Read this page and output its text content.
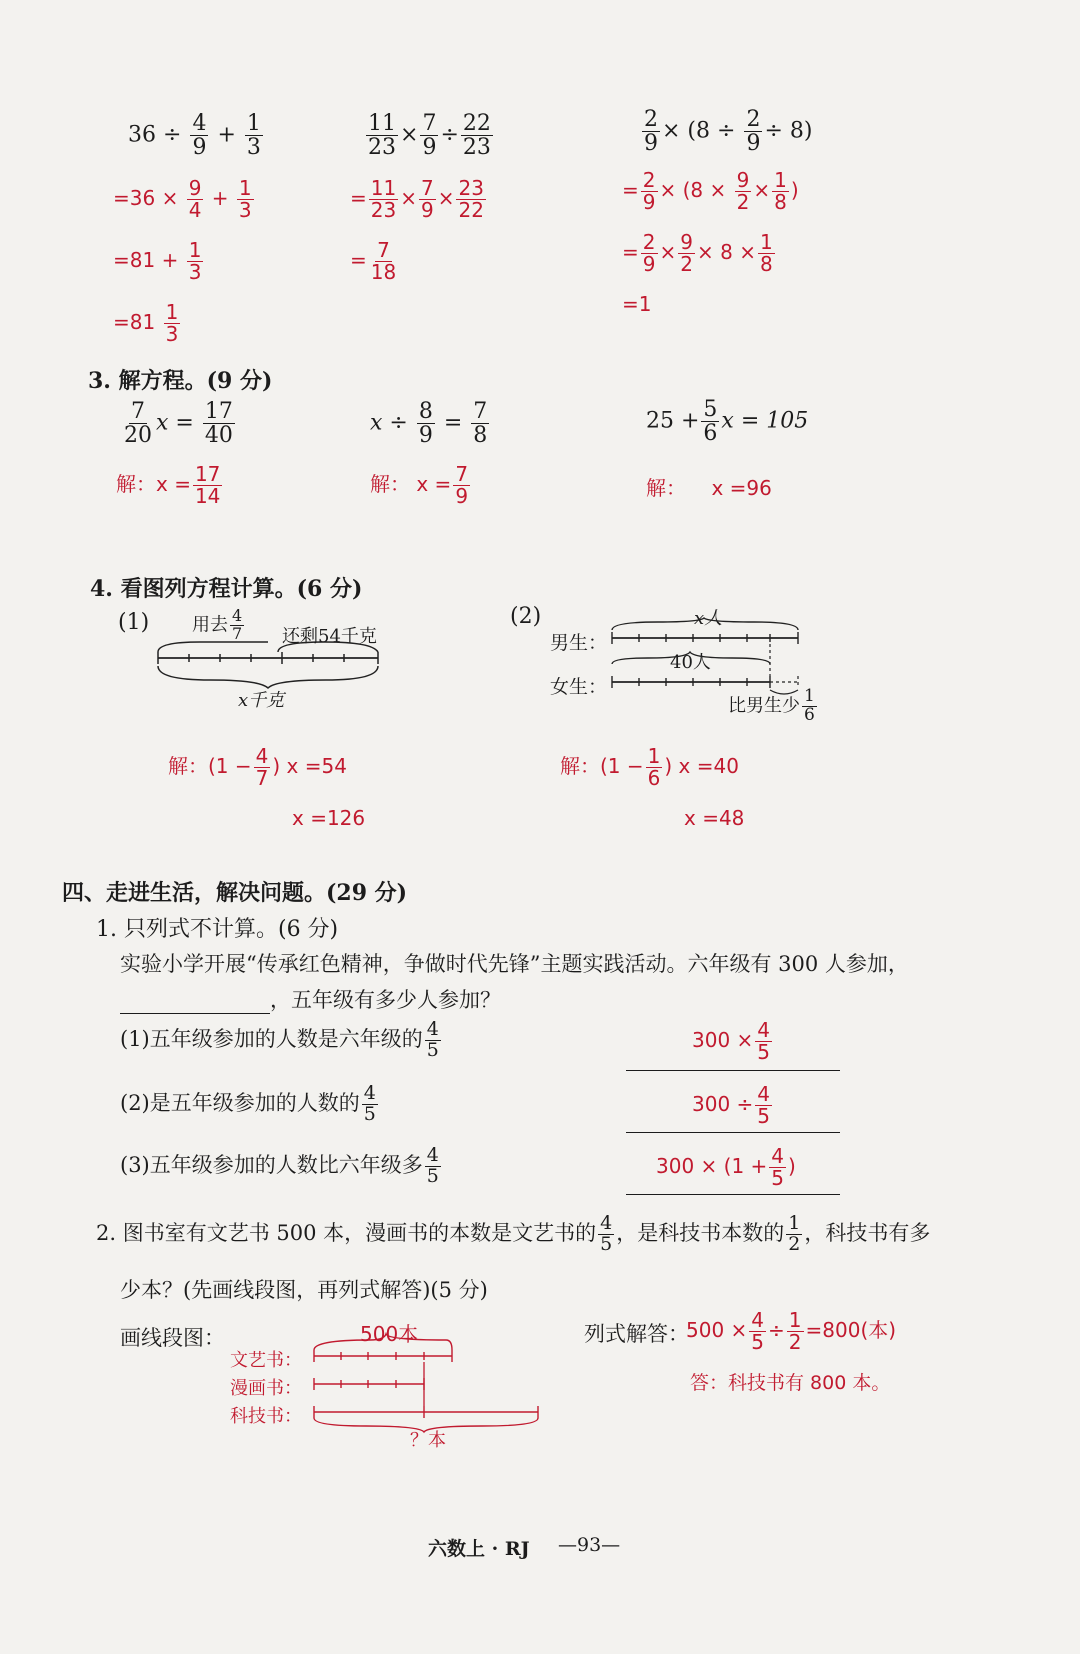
$36 \div \frac{4}{9} + \frac{1}{3}$
$=36 \times \frac{9}{4} + \frac{1}{3}$
$=81 + \frac{1}{3}$
$=81 \frac{1}{3}$
$\frac{11}{23} \times \frac{7}{9} \div \frac{22}{23}$
= $\frac{11}{23} \times \frac{7}{9} \times \frac{23}{22}$
= $\frac{7}{18}$
$\frac{2}{9} \times (8 \div \frac{2}{9} \div 8)$
= $\frac{2}{9} \times (8 \times \frac{9}{2} \times \frac{1}{8}$ )
= $\frac{2}{9} \times \frac{9}{2} \times 8 \times \frac{1}{8}$
=1
3. 解方程。(9 分)
$\frac{7}{20}$ $x = \frac{17}{40}$
解：$x = \frac{17}{14}$
$x \div \frac{8}{9} = \frac{7}{8}$
解： $x = \frac{7}{9}$
$25 + \frac{5}{6}$ x = 105
解： x =96
4. 看图列方程计算。(6 分)
(1) 用去 $\frac{4}{7}$ 还剩54千克
x千克
解：($1 - \frac{4}{7}$ ) x =54
x =126
(2)	x人
男生：
40人
女生：
比男生少 $\frac{1}{6}$
解：($1 - \frac{1}{6}$ ) x =40
x =48
四、走进生活，解决问题。(29 分)
1. 只列式不计算。(6 分)
实验小学开展“传承红色精神，争做时代先锋”主题实践活动。六年级有 300 人参加，
，五年级有多少人参加？
(1)五年级参加的人数是六年级的 $\frac{4}{5}$	$300 \times \frac{4}{5}$
(2)是五年级参加的人数的 $\frac{4}{5}$	$300 \div \frac{4}{5}$
(3)五年级参加的人数比六年级多 $\frac{4}{5}$	$300 \times (1 + \frac{4}{5}$ )
2. 图书室有文艺书 500 本，漫画书的本数是文艺书的 $\frac{4}{5}$ ，是科技书本数的 $\frac{1}{2}$ ，科技书有多
少本？(先画线段图，再列式解答)(5 分)
画线段图：	500本
文艺书：
漫画书：
科技书：
？本
列式解答：
$500 \times \frac{4}{5} \div \frac{1}{2} =800$(本)
答：科技书有 800 本。
六数上 · RJ —93—
